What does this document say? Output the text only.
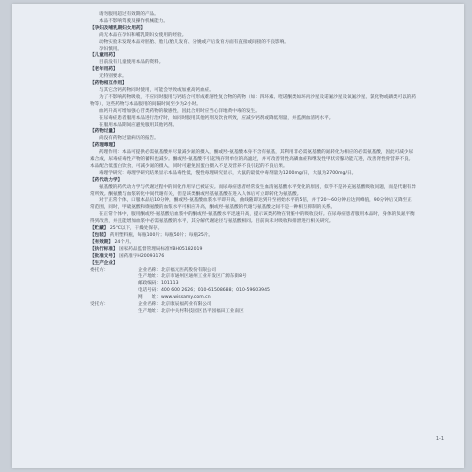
请勿服用超过有效期的产品。

本品不影响驾驶及操作机械能力。

【孕妇及哺乳期妇女用药】

尚无本品在孕妇和哺乳期妇女使用的经验。

动物实验未发现本品对胚胎、胎儿/胎儿发育、分娩或产后发育方面有直接或间接的不良影响。

孕妇慎用。

【儿童用药】

目前没有儿童使用本品的资料。

【老年用药】

无特别要求。

【药物相互作用】

与其它含钙药物同时使用，可能会导致或加重高钙血症。

为了不影响药物吸收，不应同时服用与钙结合可形成难溶性复合物的药物（如：四环素、喹诺酮类如环丙沙星及诺氟沙星及氧氟沙星、氯化物或磷类可以的药物等），这些药物与本品服用的间隔时间至少为2小时。

血钙升高可增加强心苷类药物的敏感性，因此合用时应当心洋地黄中毒的发生。

在尿毒症患者服用本品进行治疗时，如同时服用其他钙剂及饮食所致，应减少钙剂或降低剂量，并监测血清钙水平。

在服用本品期间应避免服用其他钙剂。

【药物过量】

尚没有药物过量病历的报告。

【药理毒理】

药理作用：本品可提供必需氨基酸并尽量减少氮的摄入，酮或羟-氨基酸本身不含有氨基，其利用非必需氨基酸的氮转化为相应的必需氨基酸，因此可减少尿素合成，尿毒症毒性产物的蓄积也减少。酮或羟-氨基酸不引起残存肾单位的高滤过，并可改善肾性高磷血症和继发性甲状旁腺功能亢进，改善肾性骨营养不良。本品配合低蛋白饮食，可减少氮的摄入，同时可避免因蛋白摄入不足及营养不良引起的不良后果。

毒理学研究：毒理学研究结果显示本品毒性低，慢性毒理研究显示，大鼠的最低中毒剂量为1200mg/日，大鼠为2700mg/日。

【药代动力学】

氨基酸的药代动力学与代谢过程中的同化作用早已被证实。而尿毒症患者经常发生血清氨基酸水平变化的原因，似乎不是补充氨基酸吸收问题，而是代谢有异常所致。酮氨酸与血浆转化中间代谢有关，但是该类酮或羟基氨基酸在进入人体后可立即转化为氨基酸。

对于正常个体，口服本品后10分钟，酮或羟-氨基酸血浆水平即升高，曲线随即达到升至初始水平的5倍，并于20～60分钟后达到峰值，90分钟后又降至正常范围，同时，甲硫氨酸和缬氨酸的血浆水平可相应升高，酮或羟-氨基酸的代谢与氨基酸之间不是一种相互抑制的关系。

在正常个体中，服用酮或羟-氨基酸后血浆中的酮或羟-氨基酸水平迅速升高，提示该类药物在肾脏中的吸收良好。在尿毒症患者服用本品时，身体的负氮平衡得到改善，并且能增加血浆中必需氨基酸的水平，其分解代谢途径与氨基酸相同。目前尚未对吸收和排泄进行相关研究。

【贮藏】 25℃以下，干燥处保存。

【包装】 药用塑料瓶，每瓶100片；每瓶50片；每瓶25片。

【有效期】 24个月。

【执行标准】 国家药品监督管理局标准YBH05182019

【批准文号】 国药准字H20093176

【生产企业】

委托方：	企业名称：北京福元医药股份有限公司

生产地址：北京市通州区通州工业开发区广源东街8号

邮政编码：101113

电话号码：400 600 2626；010-61508688；010-59603945

网　　址：www.wissamy.com.cn

受托方：	企业名称：北京康辰福药业有限公司

生产地址：北京中关村科技园区昌平园福田工业南区

1-1
